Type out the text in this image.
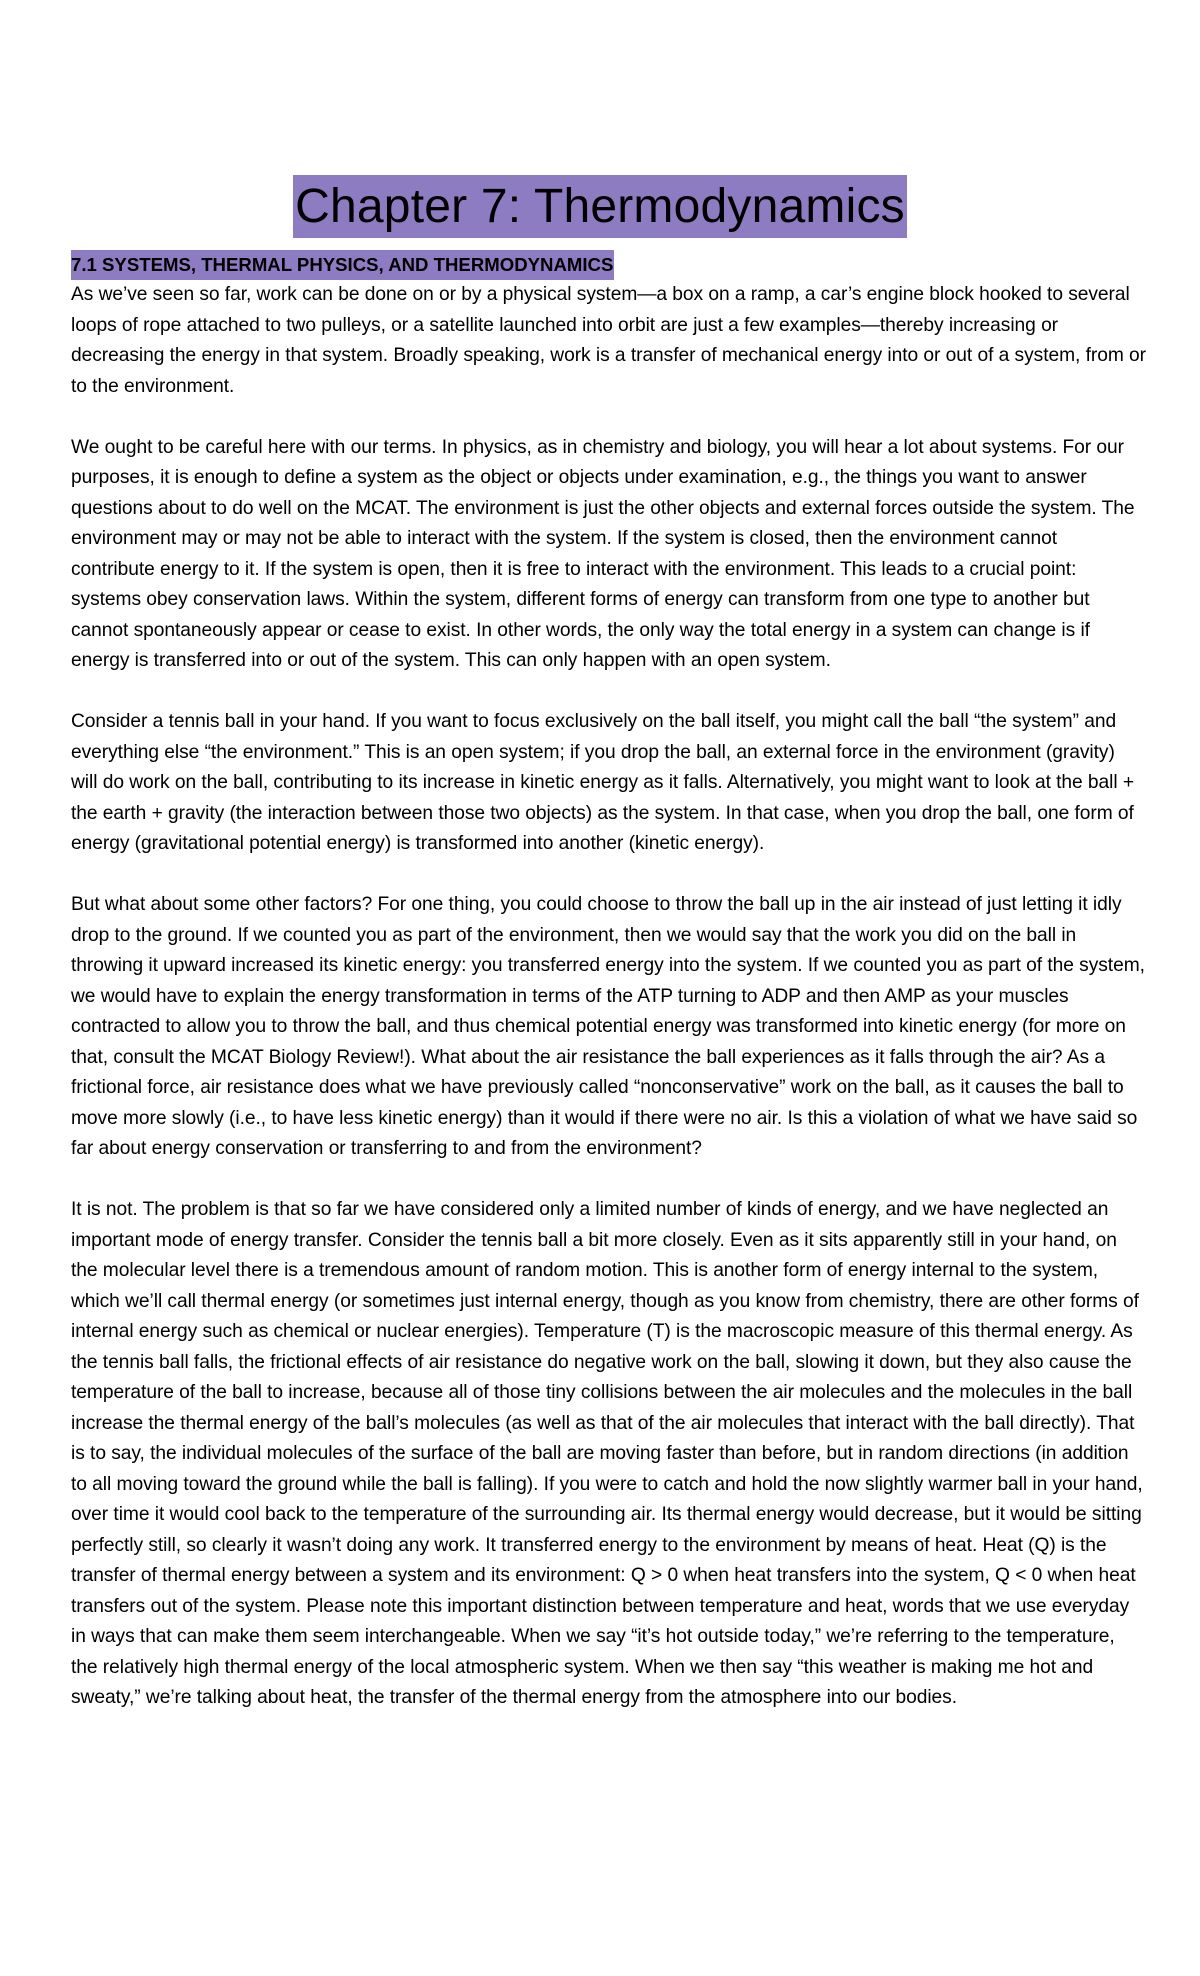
Chapter 7: Thermodynamics
7.1 SYSTEMS, THERMAL PHYSICS, AND THERMODYNAMICS

As we’ve seen so far, work can be done on or by a physical system—a box on a ramp, a car’s engine block hooked to several loops of rope attached to two pulleys, or a satellite launched into orbit are just a few examples—thereby increasing or decreasing the energy in that system. Broadly speaking, work is a transfer of mechanical energy into or out of a system, from or to the environment.

We ought to be careful here with our terms. In physics, as in chemistry and biology, you will hear a lot about systems. For our purposes, it is enough to define a system as the object or objects under examination, e.g., the things you want to answer questions about to do well on the MCAT. The environment is just the other objects and external forces outside the system. The environment may or may not be able to interact with the system. If the system is closed, then the environment cannot contribute energy to it. If the system is open, then it is free to interact with the environment. This leads to a crucial point: systems obey conservation laws. Within the system, different forms of energy can transform from one type to another but cannot spontaneously appear or cease to exist. In other words, the only way the total energy in a system can change is if energy is transferred into or out of the system. This can only happen with an open system.

Consider a tennis ball in your hand. If you want to focus exclusively on the ball itself, you might call the ball “the system” and everything else “the environment.” This is an open system; if you drop the ball, an external force in the environment (gravity) will do work on the ball, contributing to its increase in kinetic energy as it falls. Alternatively, you might want to look at the ball + the earth + gravity (the interaction between those two objects) as the system. In that case, when you drop the ball, one form of energy (gravitational potential energy) is transformed into another (kinetic energy).

But what about some other factors? For one thing, you could choose to throw the ball up in the air instead of just letting it idly drop to the ground. If we counted you as part of the environment, then we would say that the work you did on the ball in throwing it upward increased its kinetic energy: you transferred energy into the system. If we counted you as part of the system, we would have to explain the energy transformation in terms of the ATP turning to ADP and then AMP as your muscles contracted to allow you to throw the ball, and thus chemical potential energy was transformed into kinetic energy (for more on that, consult the MCAT Biology Review!). What about the air resistance the ball experiences as it falls through the air? As a frictional force, air resistance does what we have previously called “nonconservative” work on the ball, as it causes the ball to move more slowly (i.e., to have less kinetic energy) than it would if there were no air. Is this a violation of what we have said so far about energy conservation or transferring to and from the environment?

It is not. The problem is that so far we have considered only a limited number of kinds of energy, and we have neglected an important mode of energy transfer. Consider the tennis ball a bit more closely. Even as it sits apparently still in your hand, on the molecular level there is a tremendous amount of random motion. This is another form of energy internal to the system, which we’ll call thermal energy (or sometimes just internal energy, though as you know from chemistry, there are other forms of internal energy such as chemical or nuclear energies). Temperature (T) is the macroscopic measure of this thermal energy. As the tennis ball falls, the frictional effects of air resistance do negative work on the ball, slowing it down, but they also cause the temperature of the ball to increase, because all of those tiny collisions between the air molecules and the molecules in the ball increase the thermal energy of the ball’s molecules (as well as that of the air molecules that interact with the ball directly). That is to say, the individual molecules of the surface of the ball are moving faster than before, but in random directions (in addition to all moving toward the ground while the ball is falling). If you were to catch and hold the now slightly warmer ball in your hand, over time it would cool back to the temperature of the surrounding air. Its thermal energy would decrease, but it would be sitting perfectly still, so clearly it wasn’t doing any work. It transferred energy to the environment by means of heat. Heat (Q) is the transfer of thermal energy between a system and its environment: Q > 0 when heat transfers into the system, Q < 0 when heat transfers out of the system. Please note this important distinction between temperature and heat, words that we use everyday in ways that can make them seem interchangeable. When we say “it’s hot outside today,” we’re referring to the temperature, the relatively high thermal energy of the local atmospheric system. When we then say “this weather is making me hot and sweaty,” we’re talking about heat, the transfer of the thermal energy from the atmosphere into our bodies.
